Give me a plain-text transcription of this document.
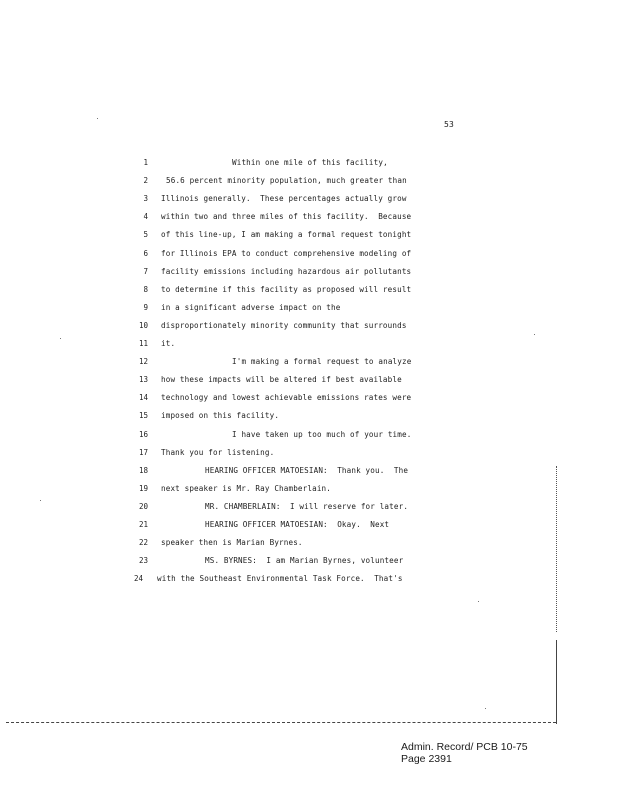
53
1	Within one mile of this facility,
2 56.6 percent minority population, much greater than
3 Illinois generally.  These percentages actually grow
4 within two and three miles of this facility.  Because
5 of this line-up, I am making a formal request tonight
6 for Illinois EPA to conduct comprehensive modeling of
7 facility emissions including hazardous air pollutants
8 to determine if this facility as proposed will result
9 in a significant adverse impact on the
10 disproportionately minority community that surrounds
11 it.
12	I'm making a formal request to analyze
13 how these impacts will be altered if best available
14 technology and lowest achievable emissions rates were
15 imposed on this facility.
16	I have taken up too much of your time.
17 Thank you for listening.
18	HEARING OFFICER MATOESIAN:  Thank you.  The
19 next speaker is Mr. Ray Chamberlain.
20	MR. CHAMBERLAIN:  I will reserve for later.
21	HEARING OFFICER MATOESIAN:  Okay.  Next
22 speaker then is Marian Byrnes.
23	MS. BYRNES:  I am Marian Byrnes, volunteer
24 with the Southeast Environmental Task Force.  That's
Admin. Record/ PCB 10-75
Page 2391
